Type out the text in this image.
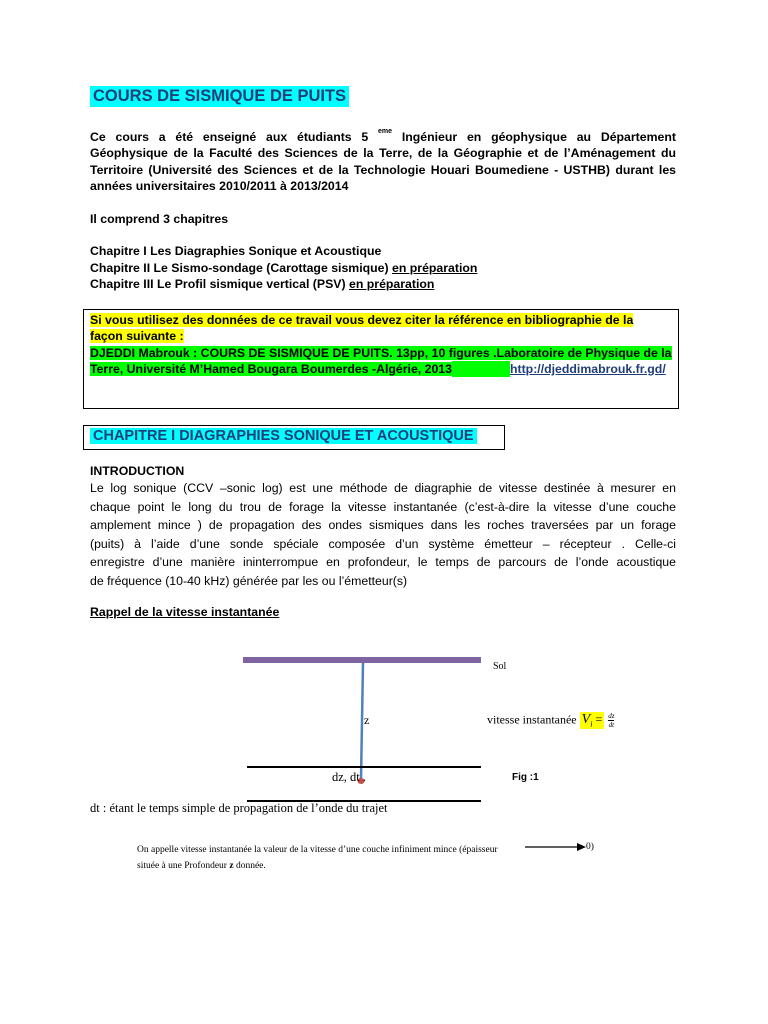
COURS DE SISMIQUE DE PUITS
Ce cours a été enseigné aux étudiants 5 $^{eme}$ Ingénieur en géophysique au Département
Géophysique de la Faculté des Sciences de la Terre, de la Géographie et de l’Aménagement du
Territoire (Université des Sciences et de la Technologie Houari Boumediene - USTHB) durant les
années universitaires 2010/2011 à 2013/2014
Il comprend 3 chapitres
Chapitre I Les Diagraphies Sonique et Acoustique
Chapitre II Le Sismo-sondage (Carottage sismique) en préparation
Chapitre III Le Profil sismique vertical (PSV) en préparation
Si vous utilisez des données de ce travail vous devez citer la référence en bibliographie de la
façon suivante :
DJEDDI Mabrouk : COURS DE SISMIQUE DE PUITS. 13pp, 10 figures .Laboratoire de Physique de la
Terre, Université M’Hamed Bougara Boumerdes -Algérie, 2013	http://djeddimabrouk.fr.gd/
CHAPITRE I DIAGRAPHIES SONIQUE ET ACOUSTIQUE
INTRODUCTION
Le log sonique (CCV –sonic log) est une méthode de diagraphie de vitesse destinée à mesurer en
chaque point le long du trou de forage la vitesse instantanée (c’est-à-dire la vitesse d’une couche
amplement mince ) de propagation des ondes sismiques dans les roches traversées par un forage
(puits) à l’aide d’une sonde spéciale composée d’un système émetteur – récepteur . Celle-ci
enregistre d’une manière ininterrompue en profondeur, le temps de parcours de l’onde acoustique
de fréquence (10-40 kHz) générée par les ou l’émetteur(s)
Rappel de la vitesse instantanée
Sol
z	vitesse instantanée $V_i = \frac{dz}{dt}$
dz, dt .	Fig :1
dt : étant le temps simple de propagation de l’onde du trajet
On appelle vitesse instantanée la valeur de la vitesse d’une couche infiniment mince (épaisseur
située à une Profondeur z donnée.
0)
